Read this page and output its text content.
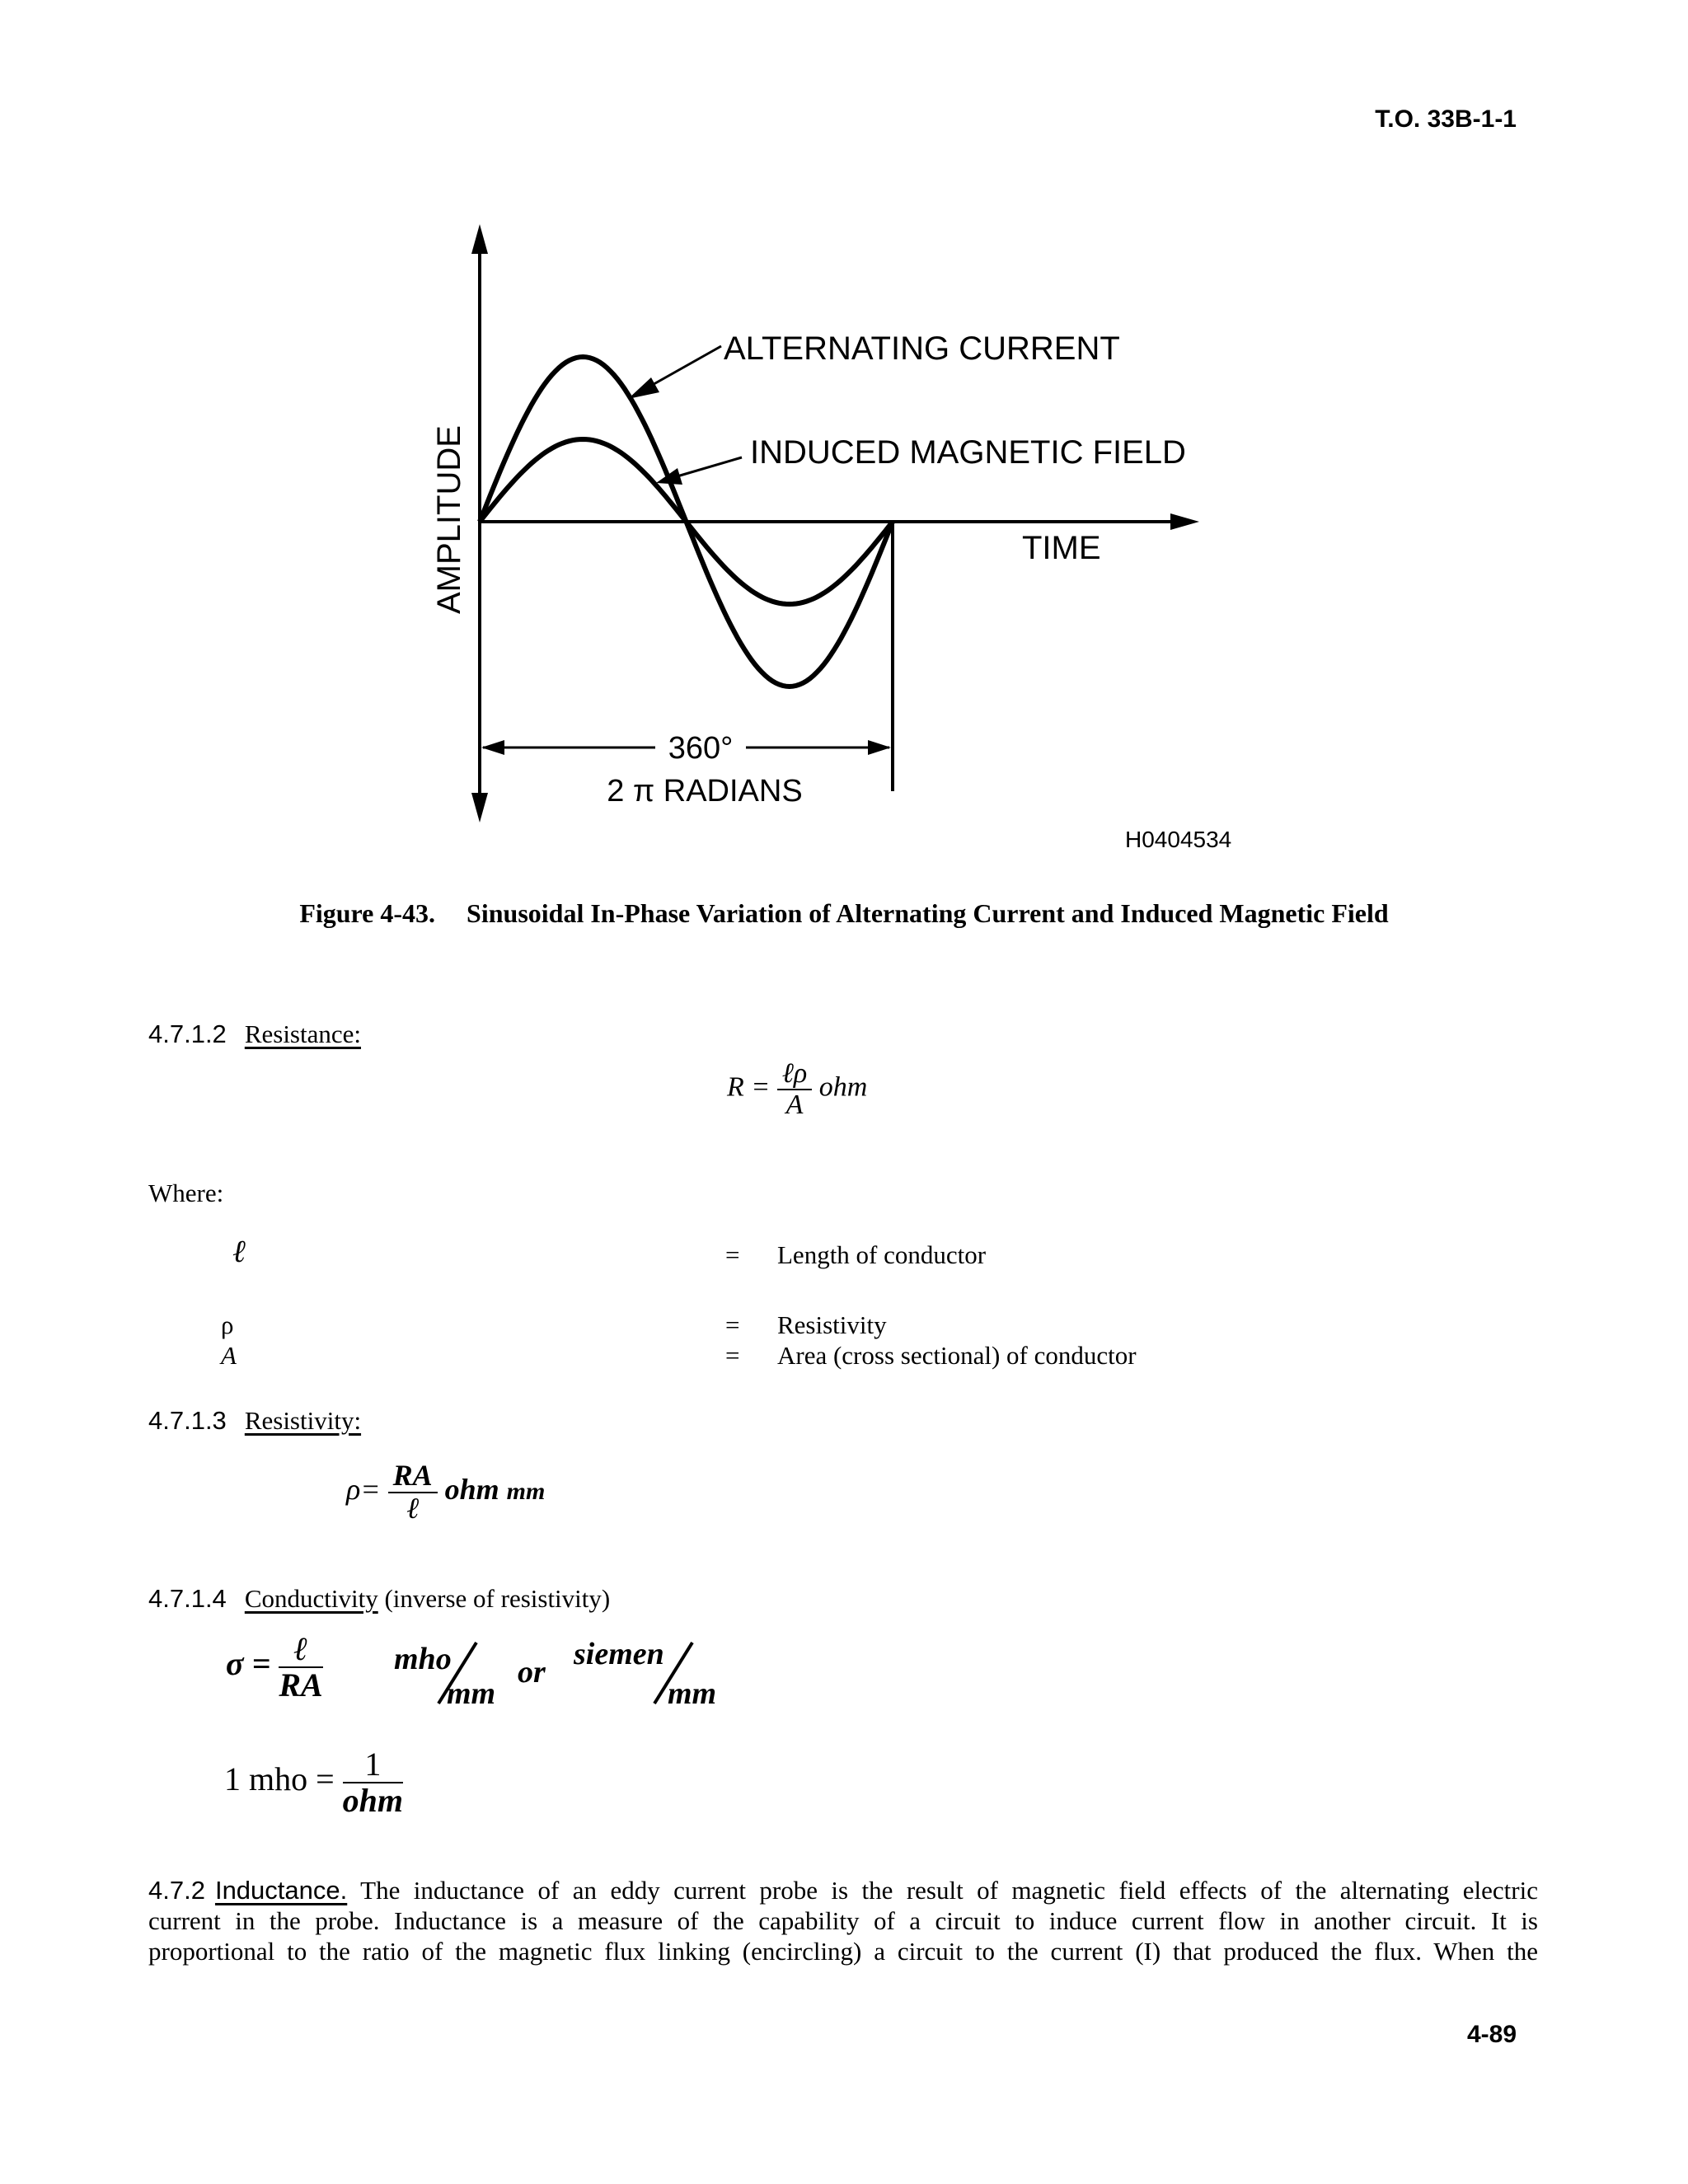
T.O. 33B-1-1
ALTERNATING CURRENT
INDUCED MAGNETIC FIELD
TIME
AMPLITUDE
360°
2 π RADIANS
H0404534
Figure 4-43. Sinusoidal In-Phase Variation of Alternating Current and Induced Magnetic Field
4.7.1.2 Resistance:
$R = \frac{\text{ℓρ}}{A}$ ohm
Where:
ℓ	= Length of conductor
ρ	= Resistivity
A	= Area (cross sectional) of conductor
4.7.1.3 Resistivity:
$\rho= \frac{RA}{\text{ℓ}}$ ohm mm
4.7.1.4 Conductivity (inverse of resistivity)
$\sigma = \frac{\text{ℓ}}{RA}$ mho
mm
or
siemen
mm
1 mho = $\frac{1}{\text{ohm}}$
4.7.2 Inductance. The inductance of an eddy current probe is the result of magnetic field effects of the alternating electric
current in the probe. Inductance is a measure of the capability of a circuit to induce current flow in another circuit. It is
proportional to the ratio of the magnetic flux linking (encircling) a circuit to the current (I) that produced the flux. When the
4-89
